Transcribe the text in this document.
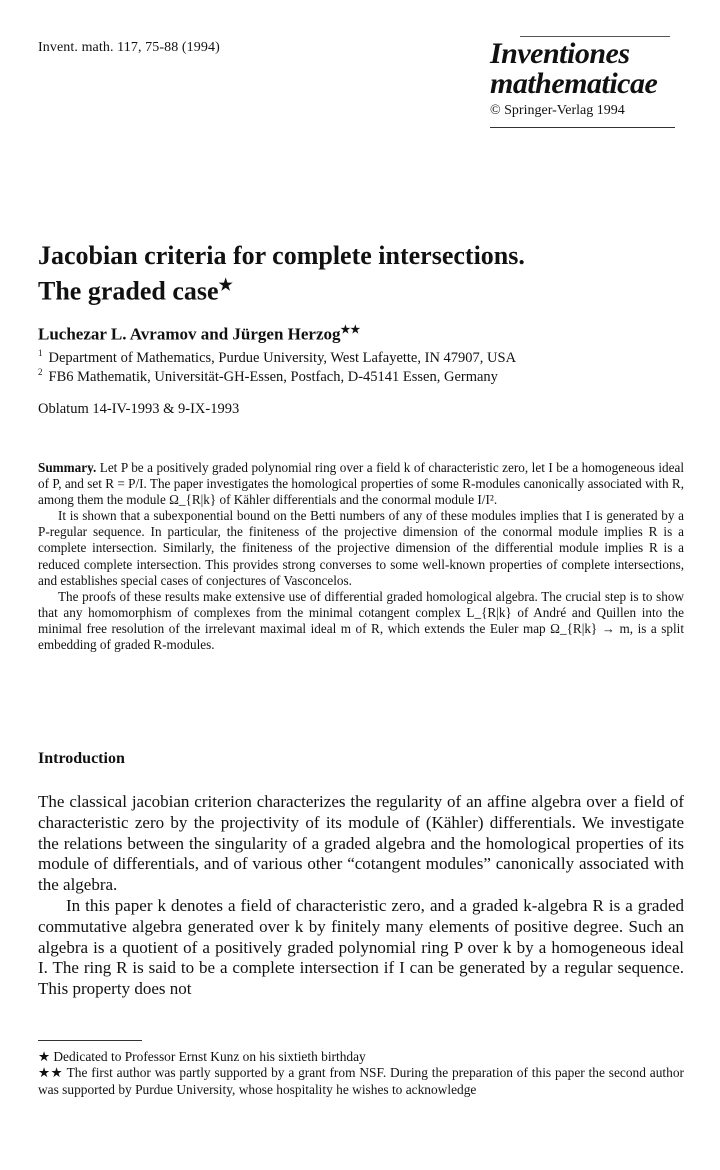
Invent. math. 117, 75-88 (1994)	Inventiones
mathematicae
© Springer-Verlag 1994
Jacobian criteria for complete intersections.
The graded case★
Luchezar L. Avramov and Jürgen Herzog★★
$^1$ Department of Mathematics, Purdue University, West Lafayette, IN 47907, USA
$^2$ FB6 Mathematik, Universität-GH-Essen, Postfach, D-45141 Essen, Germany
Oblatum 14-IV-1993 & 9-IX-1993

Summary. Let P be a positively graded polynomial ring over a field k of characteristic zero, let I be a homogeneous ideal of P, and set R = P/I. The paper investigates the homological properties of some R-modules canonically associated with R, among them the module Ω_{R|k} of Kähler differentials and the conormal module I/I².

It is shown that a subexponential bound on the Betti numbers of any of these modules implies that I is generated by a P-regular sequence. In particular, the finiteness of the projective dimension of the conormal module implies R is a complete intersection. Similarly, the finiteness of the projective dimension of the differential module implies R is a reduced complete intersection. This provides strong converses to some well-known properties of complete intersections, and establishes special cases of conjectures of Vasconcelos.

The proofs of these results make extensive use of differential graded homological algebra. The crucial step is to show that any homomorphism of complexes from the minimal cotangent complex L_{R|k} of André and Quillen into the minimal free resolution of the irrelevant maximal ideal m of R, which extends the Euler map Ω_{R|k} → m, is a split embedding of graded R-modules.

Introduction

The classical jacobian criterion characterizes the regularity of an affine algebra over a field of characteristic zero by the projectivity of its module of (Kähler) differentials. We investigate the relations between the singularity of a graded algebra and the homological properties of its module of differentials, and of various other “cotangent modules” canonically associated with the algebra.

In this paper k denotes a field of characteristic zero, and a graded k-algebra R is a graded commutative algebra generated over k by finitely many elements of positive degree. Such an algebra is a quotient of a positively graded polynomial ring P over k by a homogeneous ideal I. The ring R is said to be a complete intersection if I can be generated by a regular sequence. This property does not

★ Dedicated to Professor Ernst Kunz on his sixtieth birthday

★★ The first author was partly supported by a grant from NSF. During the preparation of this paper the second author was supported by Purdue University, whose hospitality he wishes to acknowledge
